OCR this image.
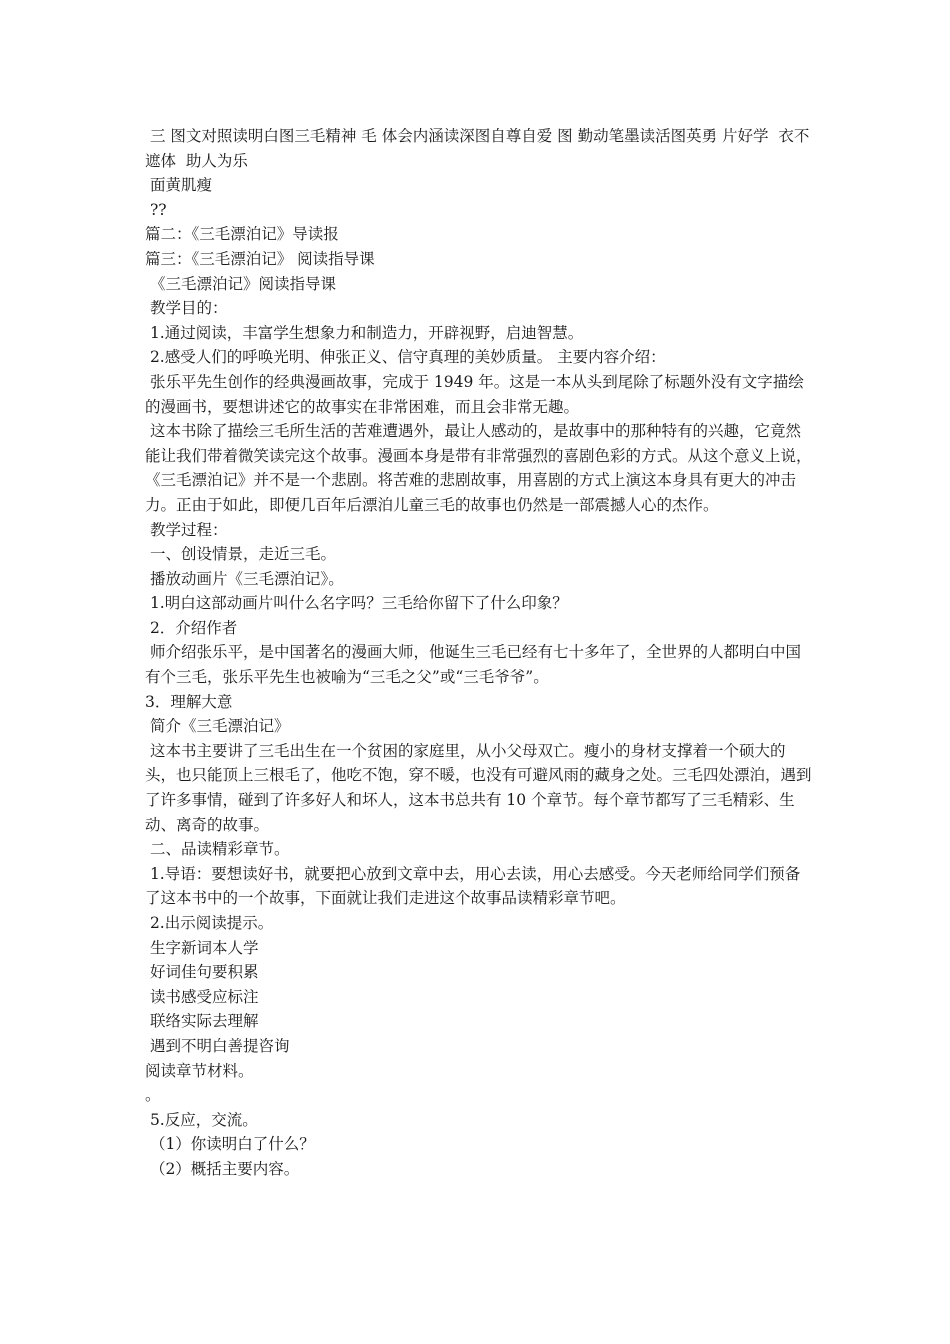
三 图文对照读明白图三毛精神 毛 体会内涵读深图自尊自爱 图 勤动笔墨读活图英勇 片好学  衣不遮体  助人为乐

面黄肌瘦

??

篇二：《三毛漂泊记》导读报

篇三：《三毛漂泊记》 阅读指导课

《三毛漂泊记》阅读指导课

教学目的：

1.通过阅读，丰富学生想象力和制造力，开辟视野，启迪智慧。

2.感受人们的呼唤光明、伸张正义、信守真理的美妙质量。 主要内容介绍：

张乐平先生创作的经典漫画故事，完成于 1949 年。这是一本从头到尾除了标题外没有文字描绘的漫画书，要想讲述它的故事实在非常困难，而且会非常无趣。

这本书除了描绘三毛所生活的苦难遭遇外，最让人感动的，是故事中的那种特有的兴趣，它竟然能让我们带着微笑读完这个故事。漫画本身是带有非常强烈的喜剧色彩的方式。从这个意义上说，《三毛漂泊记》并不是一个悲剧。将苦难的悲剧故事，用喜剧的方式上演这本身具有更大的冲击力。正由于如此，即便几百年后漂泊儿童三毛的故事也仍然是一部震撼人心的杰作。

教学过程：

一、创设情景，走近三毛。

播放动画片《三毛漂泊记》。

1.明白这部动画片叫什么名字吗？三毛给你留下了什么印象？

2．介绍作者

师介绍张乐平，是中国著名的漫画大师，他诞生三毛已经有七十多年了，全世界的人都明白中国有个三毛，张乐平先生也被喻为“三毛之父”或“三毛爷爷”。

3．理解大意

简介《三毛漂泊记》

这本书主要讲了三毛出生在一个贫困的家庭里，从小父母双亡。瘦小的身材支撑着一个硕大的头，也只能顶上三根毛了，他吃不饱，穿不暖，也没有可避风雨的藏身之处。三毛四处漂泊，遇到了许多事情，碰到了许多好人和坏人，这本书总共有 10 个章节。每个章节都写了三毛精彩、生动、离奇的故事。

二、品读精彩章节。

1.导语：要想读好书，就要把心放到文章中去，用心去读，用心去感受。今天老师给同学们预备了这本书中的一个故事，下面就让我们走进这个故事品读精彩章节吧。

2.出示阅读提示。

生字新词本人学

好词佳句要积累

读书感受应标注

联络实际去理解

遇到不明白善提咨询

阅读章节材料。

。

5.反应，交流。

（1）你读明白了什么？

（2）概括主要内容。
